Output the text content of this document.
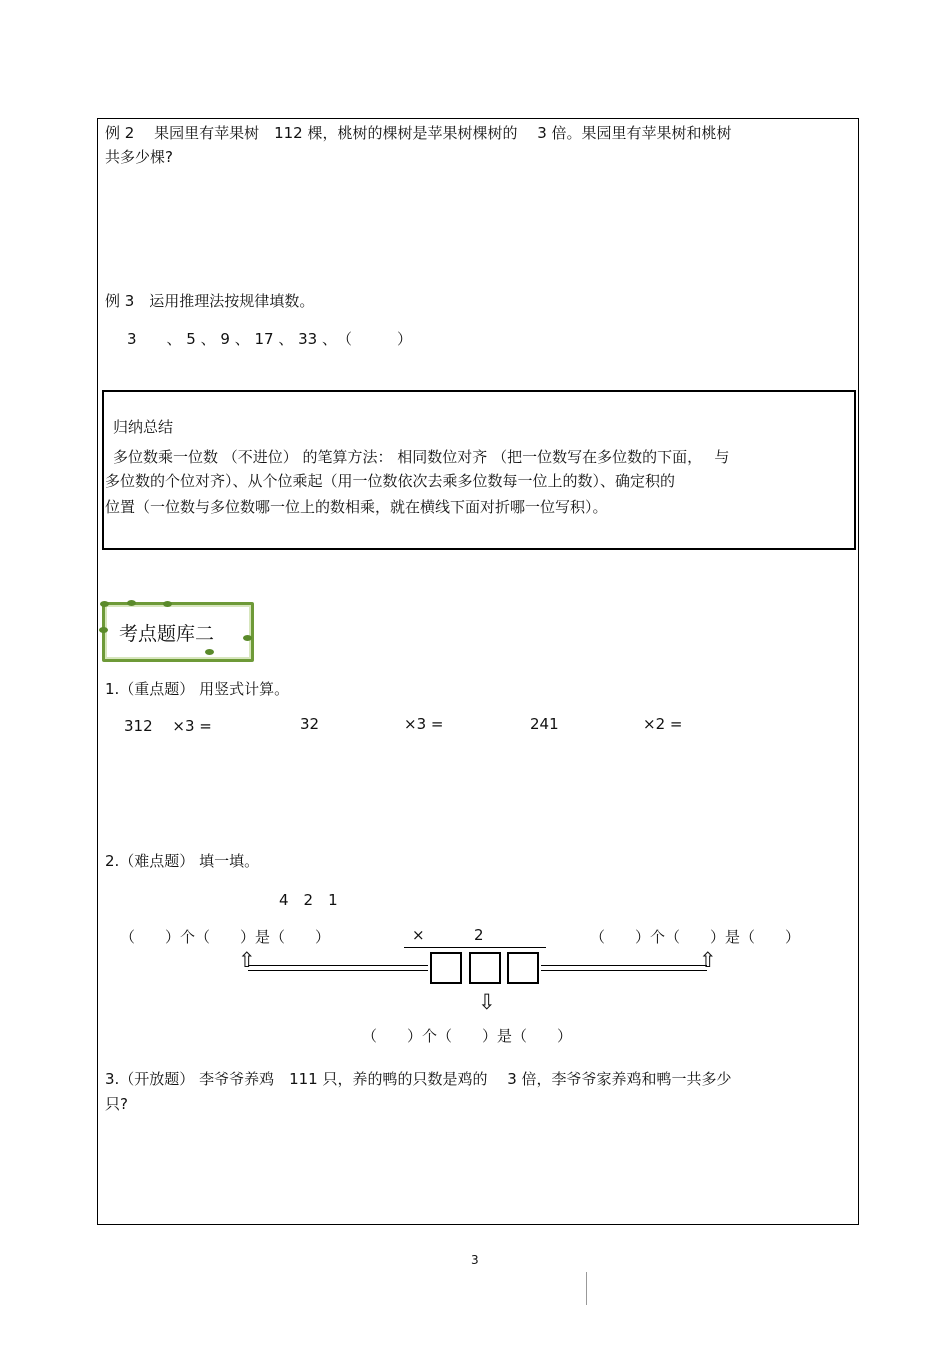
例 2　 果园里有苹果树　112 棵，桃树的棵树是苹果树棵树的　 3 倍。果园里有苹果树和桃树
共多少棵?
例 3　运用推理法按规律填数。
3　　、 5 、 9 、 17 、 33 、　（　　　）
归纳总结
多位数乘一位数 （不进位） 的笔算方法： 相同数位对齐 （把一位数写在多位数的下面，　 与
多位数的个位对齐）、从个位乘起（用一位数依次去乘多位数每一位上的数）、确定积的
位置（一位数与多位数哪一位上的数相乘，就在横线下面对折哪一位写积）。
考点题库二
1.（重点题） 用竖式计算。
312 　×3 =	32	×3 =	241	×2 =
2.（难点题） 填一填。
4　2　1
（　　）个（　　）是（　　）	×	2	（　　）个（　　）是（　　）
⇧	⇧
⇩
（　　）个（　　）是（　　）
3.（开放题） 李爷爷养鸡　111 只，养的鸭的只数是鸡的　 3 倍，李爷爷家养鸡和鸭一共多少
只?
3
